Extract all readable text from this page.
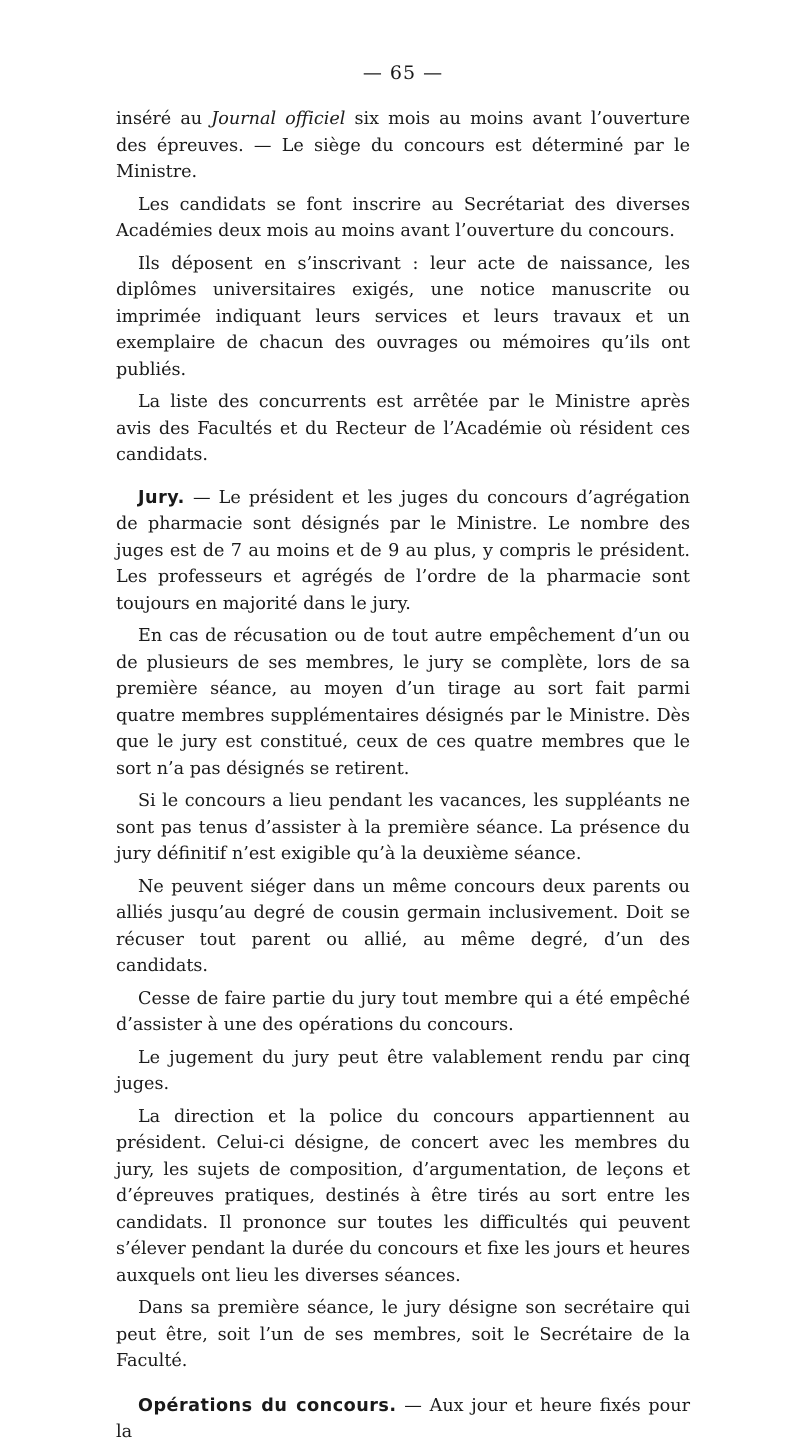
— 65 —

inséré au Journal officiel six mois au moins avant l’ouverture des épreuves. — Le siège du concours est déterminé par le Ministre.

Les candidats se font inscrire au Secrétariat des diverses Académies deux mois au moins avant l’ouverture du concours.

Ils déposent en s’inscrivant : leur acte de naissance, les diplômes universitaires exigés, une notice manuscrite ou imprimée indiquant leurs services et leurs travaux et un exemplaire de chacun des ouvrages ou mémoires qu’ils ont publiés.

La liste des concurrents est arrêtée par le Ministre après avis des Facultés et du Recteur de l’Académie où résident ces candidats.

Jury. — Le président et les juges du concours d’agrégation de pharmacie sont désignés par le Ministre. Le nombre des juges est de 7 au moins et de 9 au plus, y compris le président. Les professeurs et agrégés de l’ordre de la pharmacie sont toujours en majorité dans le jury.

En cas de récusation ou de tout autre empêchement d’un ou de plusieurs de ses membres, le jury se complète, lors de sa première séance, au moyen d’un tirage au sort fait parmi quatre membres supplémentaires désignés par le Ministre. Dès que le jury est constitué, ceux de ces quatre membres que le sort n’a pas désignés se retirent.

Si le concours a lieu pendant les vacances, les suppléants ne sont pas tenus d’assister à la première séance. La présence du jury définitif n’est exigible qu’à la deuxième séance.

Ne peuvent siéger dans un même concours deux parents ou alliés jusqu’au degré de cousin germain inclusivement. Doit se récuser tout parent ou allié, au même degré, d’un des candidats.

Cesse de faire partie du jury tout membre qui a été empêché d’assister à une des opérations du concours.

Le jugement du jury peut être valablement rendu par cinq juges.

La direction et la police du concours appartiennent au président. Celui-ci désigne, de concert avec les membres du jury, les sujets de composition, d’argumentation, de leçons et d’épreuves pratiques, destinés à être tirés au sort entre les candidats. Il prononce sur toutes les difficultés qui peuvent s’élever pendant la durée du concours et fixe les jours et heures auxquels ont lieu les diverses séances.

Dans sa première séance, le jury désigne son secrétaire qui peut être, soit l’un de ses membres, soit le Secrétaire de la Faculté.

Opérations du concours. — Aux jour et heure fixés pour la
